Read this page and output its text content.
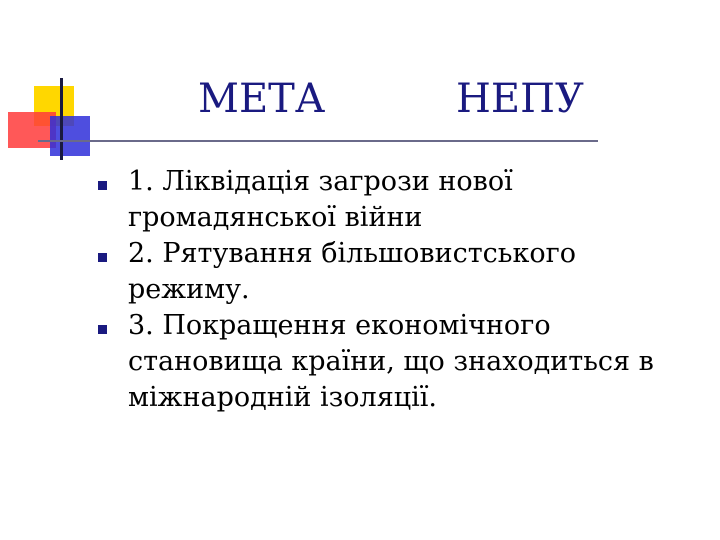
МЕТА	НЕПУ
1. Ліквідація загрози нової громадянської війни
2. Рятування більшовистського режиму.
3. Покращення економічного становища країни, що знаходиться в міжнародній ізоляції.
